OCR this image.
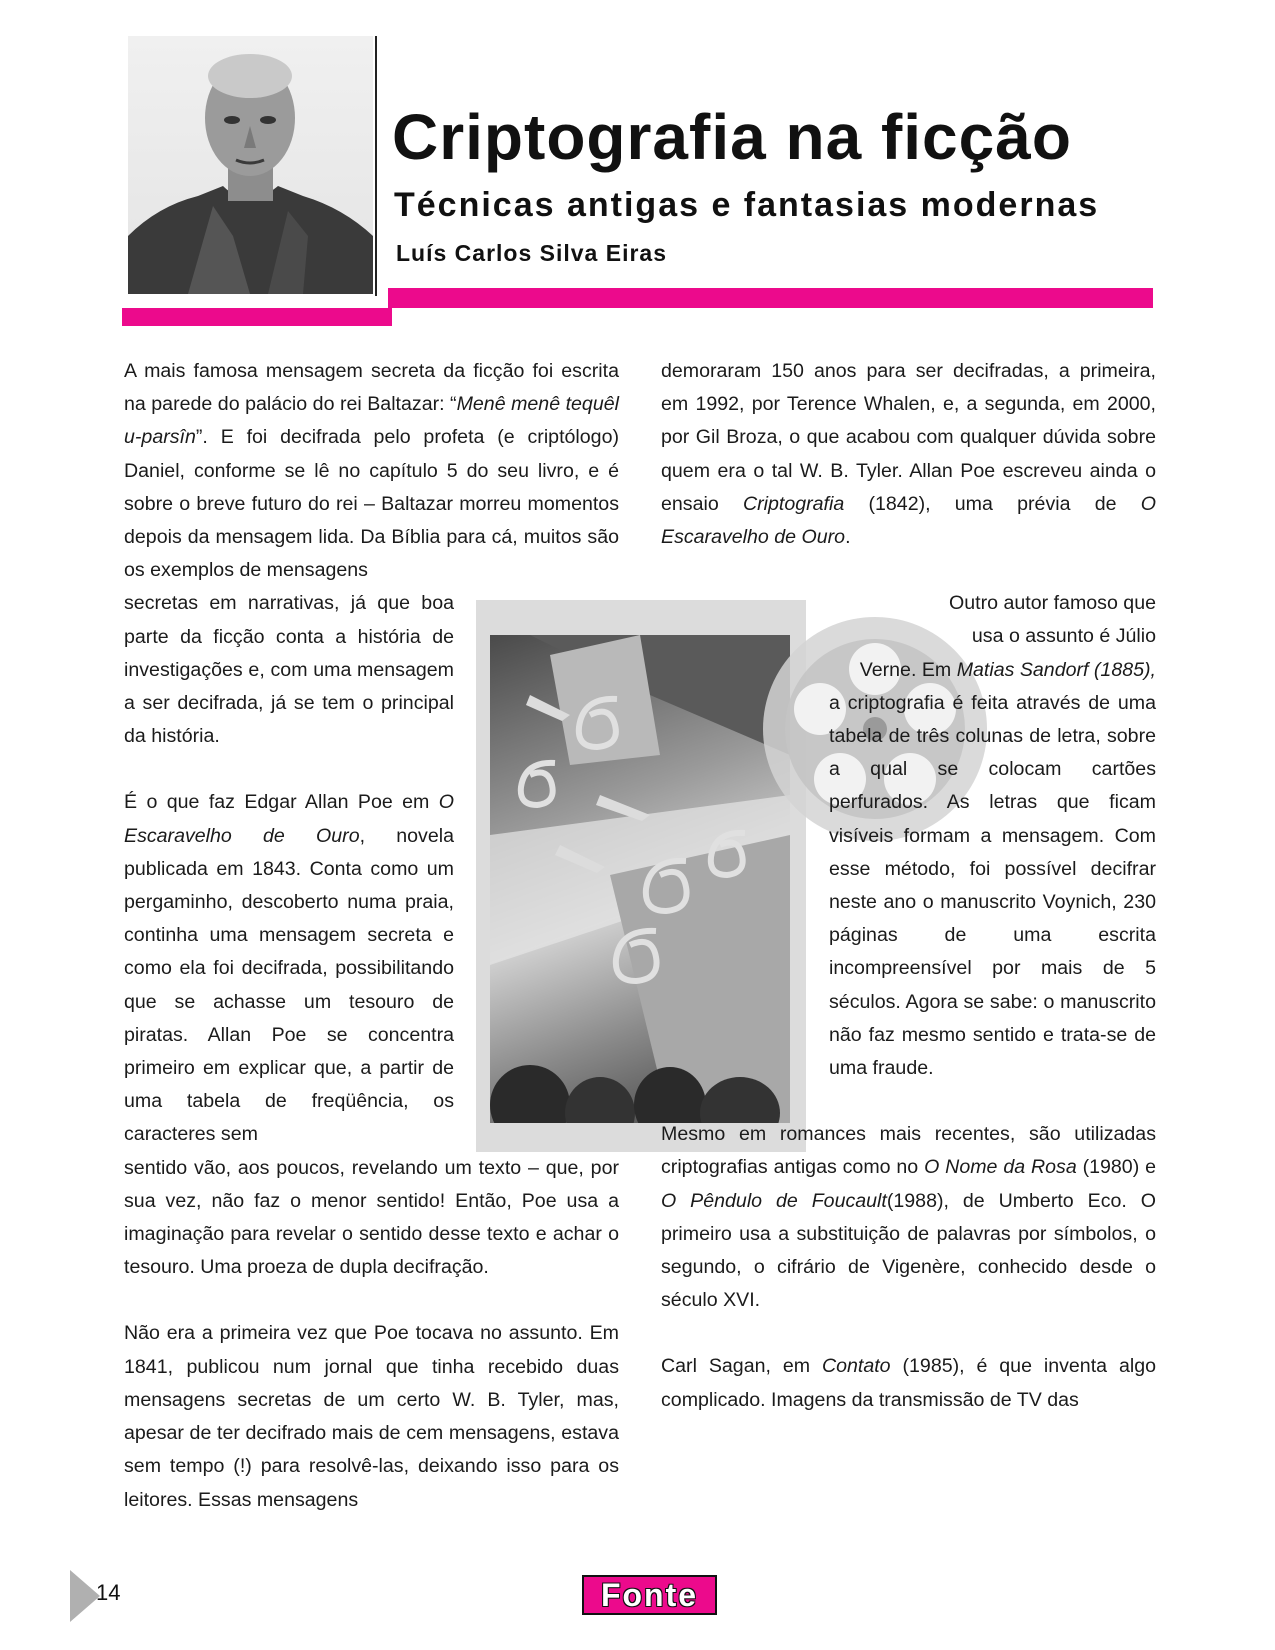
Criptografia na ficção
Técnicas antigas e fantasias modernas

Luís Carlos Silva Eiras

A mais famosa mensagem secreta da ficção foi escrita na parede do palácio do rei Baltazar: “Menê menê tequêl u-parsîn”. E foi decifrada pelo profeta (e criptólogo) Daniel, conforme se lê no capítulo 5 do seu livro, e é sobre o breve futuro do rei – Baltazar morreu momentos depois da mensagem lida. Da Bíblia para cá, muitos são os exemplos de mensagens

secretas em narrativas, já que boa parte da ficção conta a história de investigações e, com uma mensagem a ser decifrada, já se tem o principal da história.

É o que faz Edgar Allan Poe em O Escaravelho de Ouro, novela publicada em 1843. Conta como um pergaminho, descoberto numa praia, continha uma mensagem secreta e como ela foi decifrada, possibilitando que se achasse um tesouro de piratas. Allan Poe se concentra primeiro em explicar que, a partir de uma tabela de freqüência, os caracteres sem

sentido vão, aos poucos, revelando um texto – que, por sua vez, não faz o menor sentido! Então, Poe usa a imaginação para revelar o sentido desse texto e achar o tesouro. Uma proeza de dupla decifração.

Não era a primeira vez que Poe tocava no assunto. Em 1841, publicou num jornal que tinha recebido duas mensagens secretas de um certo W. B. Tyler, mas, apesar de ter decifrado mais de cem mensagens, estava sem tempo (!) para resolvê-las, deixando isso para os leitores. Essas mensagens

demoraram 150 anos para ser decifradas, a primeira, em 1992, por Terence Whalen, e, a segunda, em 2000, por Gil Broza, o que acabou com qualquer dúvida sobre quem era o tal W. B. Tyler. Allan Poe escreveu ainda o ensaio Criptografia (1842), uma prévia de O Escaravelho de Ouro.

Outro autor famoso que

usa o assunto é Júlio

Verne. Em Matias Sandorf (1885),

a criptografia é feita através de uma tabela de três colunas de letra, sobre a qual se colocam cartões perfurados. As letras que ficam visíveis formam a mensagem. Com esse método, foi possível decifrar neste ano o manuscrito Voynich, 230 páginas de uma escrita incompreensível por mais de 5 séculos. Agora se sabe: o manuscrito não faz mesmo sentido e trata-se de uma fraude.

Mesmo em romances mais recentes, são utilizadas criptografias antigas como no O Nome da Rosa (1980) e O Pêndulo de Foucault(1988), de Umberto Eco. O primeiro usa a substituição de palavras por símbolos, o segundo, o cifrário de Vigenère, conhecido desde o século XVI.

Carl Sagan, em Contato (1985), é que inventa algo complicado. Imagens da transmissão de TV das

14	Fonte
